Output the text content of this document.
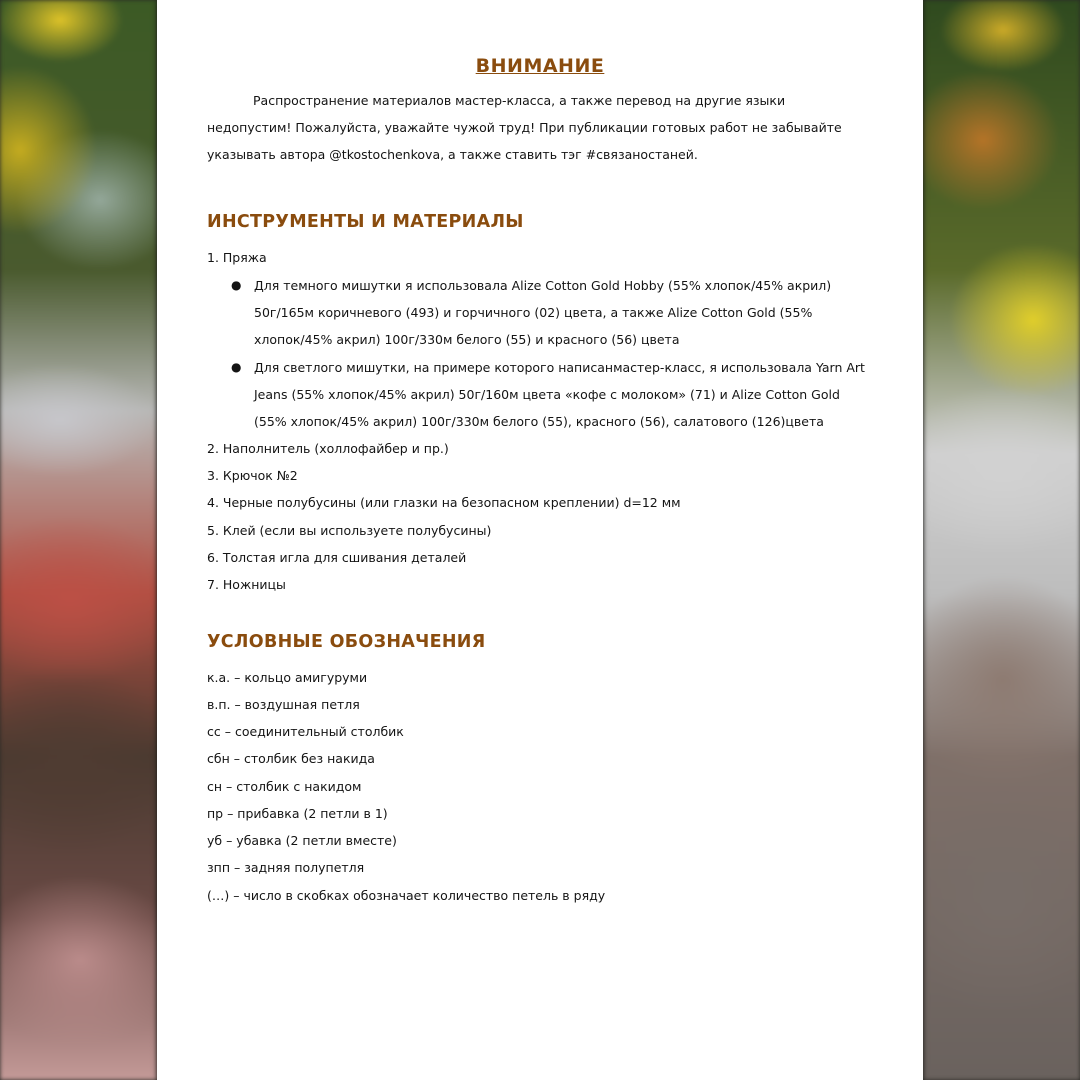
ВНИМАНИЕ
Распространение материалов мастер-класса, а также перевод на другие языки недопустим! Пожалуйста, уважайте чужой труд! При публикации готовых работ не забывайте указывать автора @tkostochenkova, а также ставить тэг #связаностаней.
ИНСТРУМЕНТЫ И МАТЕРИАЛЫ
1. Пряжа
● Для темного мишутки я использовала Alize Cotton Gold Hobby (55% хлопок/45% акрил) 50г/165м коричневого (493) и горчичного (02) цвета, а также Alize Cotton Gold (55% хлопок/45% акрил) 100г/330м белого (55) и красного (56) цвета
● Для светлого мишутки, на примере которого написанмастер-класс, я использовала Yarn Art Jeans (55% хлопок/45% акрил) 50г/160м цвета «кофе с молоком» (71) и Alize Cotton Gold (55% хлопок/45% акрил) 100г/330м белого (55), красного (56), салатового (126)цвета
2. Наполнитель (холлофайбер и пр.)
3. Крючок №2
4. Черные полубусины (или глазки на безопасном креплении) d=12 мм
5. Клей (если вы используете полубусины)
6. Толстая игла для сшивания деталей
7. Ножницы
УСЛОВНЫЕ ОБОЗНАЧЕНИЯ
к.а. – кольцо амигуруми
в.п. – воздушная петля
сс – соединительный столбик
сбн – столбик без накида
сн – столбик с накидом
пр – прибавка (2 петли в 1)
уб – убавка (2 петли вместе)
зпп – задняя полупетля
(…) – число в скобках обозначает количество петель в ряду
